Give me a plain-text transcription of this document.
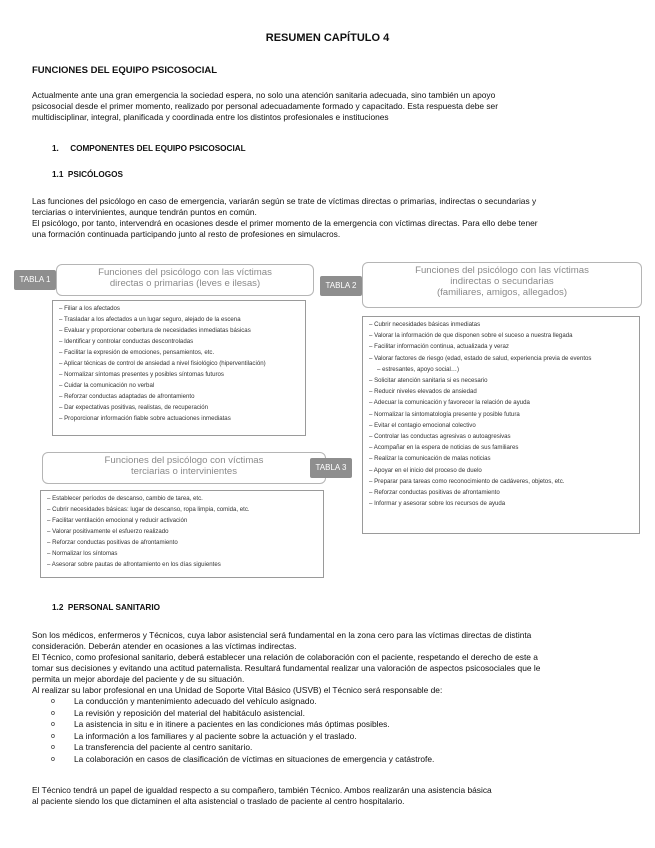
RESUMEN CAPÍTULO 4
FUNCIONES DEL EQUIPO PSICOSOCIAL
Actualmente ante una gran emergencia la sociedad espera, no solo una atención sanitaria adecuada, sino también un apoyo
psicosocial desde el primer momento, realizado por personal adecuadamente formado y capacitado. Esta respuesta debe ser
multidisciplinar, integral, planificada y coordinada entre los distintos profesionales e instituciones
1.     COMPONENTES DEL EQUIPO PSICOSOCIAL
1.1  PSICÓLOGOS
Las funciones del psicólogo en caso de emergencia, variarán según se trate de víctimas directas o primarias, indirectas o secundarias y
terciarias o intervinientes, aunque tendrán puntos en común.
El psicólogo, por tanto, intervendrá en ocasiones desde el primer momento de la emergencia con víctimas directas. Para ello debe tener
una formación continuada participando junto al resto de profesiones en simulacros.
– Filiar a los afectados
– Trasladar a los afectados a un lugar seguro, alejado de la escena
– Evaluar y proporcionar cobertura de necesidades inmediatas básicas
– Identificar y controlar conductas descontroladas
– Facilitar la expresión de emociones, pensamientos, etc.
– Aplicar técnicas de control de ansiedad a nivel fisiológico (hiperventilación)
– Normalizar síntomas presentes y posibles síntomas futuros
– Cuidar la comunicación no verbal
– Reforzar conductas adaptadas de afrontamiento
– Dar expectativas positivas, realistas, de recuperación
– Proporcionar información fiable sobre actuaciones inmediatas
Funciones del psicólogo con las víctimas
directas o primarias (leves e ilesas)
TABLA 1
– Cubrir necesidades básicas inmediatas
– Valorar la información de que disponen sobre el suceso a nuestra llegada
– Facilitar información continua, actualizada y veraz
– Valorar factores de riesgo (edad, estado de salud, experiencia previa de eventos
– estresantes, apoyo social…)
– Solicitar atención sanitaria si es necesario
– Reducir niveles elevados de ansiedad
– Adecuar la comunicación y favorecer la relación de ayuda
– Normalizar la sintomatología presente y posible futura
– Evitar el contagio emocional colectivo
– Controlar las conductas agresivas o autoagresivas
– Acompañar en la espera de noticias de sus familiares
– Realizar la comunicación de malas noticias
– Apoyar en el inicio del proceso de duelo
– Preparar para tareas como reconocimiento de cadáveres, objetos, etc.
– Reforzar conductas positivas de afrontamiento
– Informar y asesorar sobre los recursos de ayuda
Funciones del psicólogo con las víctimas
indirectas o secundarias
(familiares, amigos, allegados)
TABLA 2
– Establecer períodos de descanso, cambio de tarea, etc.
– Cubrir necesidades básicas: lugar de descanso, ropa limpia, comida, etc.
– Facilitar ventilación emocional y reducir activación
– Valorar positivamente el esfuerzo realizado
– Reforzar conductas positivas de afrontamiento
– Normalizar los síntomas
– Asesorar sobre pautas de afrontamiento en los días siguientes
Funciones del psicólogo con víctimas
terciarias o intervinientes	TABLA 3
1.2  PERSONAL SANITARIO
Son los médicos, enfermeros y Técnicos, cuya labor asistencial será fundamental en la zona cero para las víctimas directas de distinta
consideración. Deberán atender en ocasiones a las víctimas indirectas.
El Técnico, como profesional sanitario, deberá establecer una relación de colaboración con el paciente, respetando el derecho de este a
tomar sus decisiones y evitando una actitud paternalista. Resultará fundamental realizar una valoración de aspectos psicosociales que le
permita un mejor abordaje del paciente y de su situación.
Al realizar su labor profesional en una Unidad de Soporte Vital Básico (USVB) el Técnico será responsable de:
o La conducción y mantenimiento adecuado del vehículo asignado.
o La revisión y reposición del material del habitáculo asistencial.
o La asistencia in situ e in itinere a pacientes en las condiciones más óptimas posibles.
o La información a los familiares y al paciente sobre la actuación y el traslado.
o La transferencia del paciente al centro sanitario.
o La colaboración en casos de clasificación de víctimas en situaciones de emergencia y catástrofe.
El Técnico tendrá un papel de igualdad respecto a su compañero, también Técnico. Ambos realizarán una asistencia básica
al paciente siendo los que dictaminen el alta asistencial o traslado de paciente al centro hospitalario.
